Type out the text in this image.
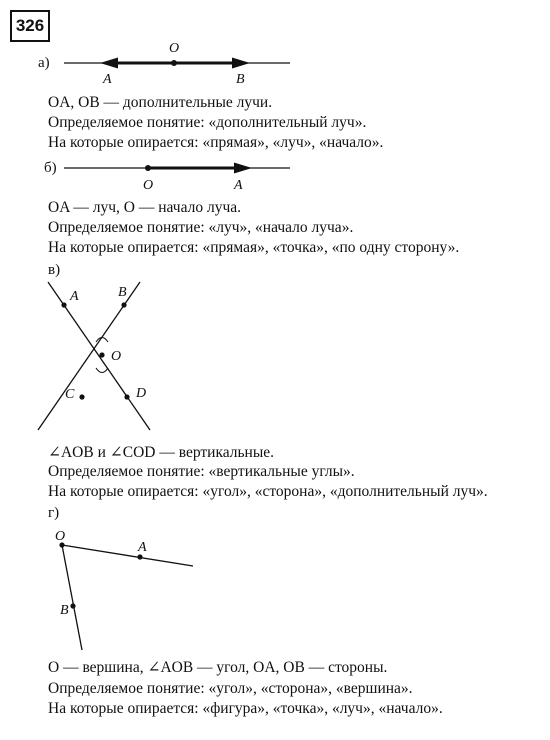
326
O
A	B
O	A
A	B
O
C	D
O
A
B
а)
б)
в)
г)
OA, OB — дополнительные лучи.
Определяемое понятие: «дополнительный луч».
На которые опирается: «прямая», «луч», «начало».
OA — луч, O — начало луча.
Определяемое понятие: «луч», «начало луча».
На которые опирается: «прямая», «точка», «по одну сторону».
∠AOB и ∠COD — вертикальные.
Определяемое понятие: «вертикальные углы».
На которые опирается: «угол», «сторона», «дополнительный луч».
O — вершина, ∠AOB — угол, OA, OB — стороны.
Определяемое понятие: «угол», «сторона», «вершина».
На которые опирается: «фигура», «точка», «луч», «начало».
